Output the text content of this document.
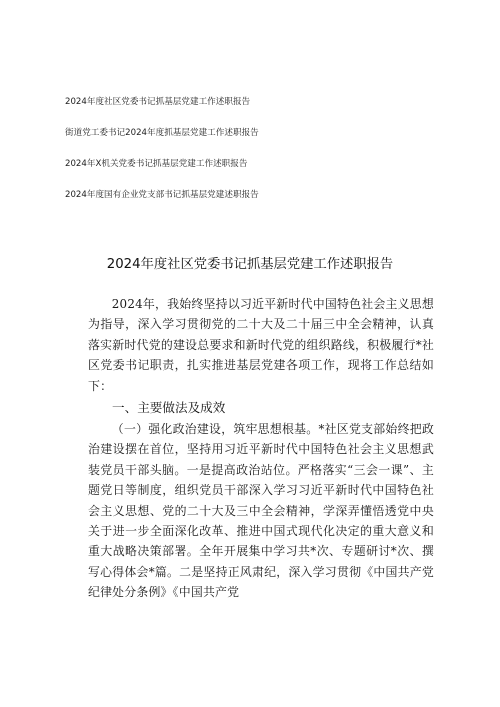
2024年度社区党委书记抓基层党建工作述职报告
街道党工委书记2024年度抓基层党建工作述职报告
2024年X机关党委书记抓基层党建工作述职报告
2024年度国有企业党支部书记抓基层党建述职报告
2024年度社区党委书记抓基层党建工作述职报告

2024年，我始终坚持以习近平新时代中国特色社会主义思想为指导，深入学习贯彻党的二十大及二十届三中全会精神，认真落实新时代党的建设总要求和新时代党的组织路线，积极履行*社区党委书记职责，扎实推进基层党建各项工作，现将工作总结如下：

一、主要做法及成效

（一）强化政治建设，筑牢思想根基。*社区党支部始终把政治建设摆在首位，坚持用习近平新时代中国特色社会主义思想武装党员干部头脑。一是提高政治站位。严格落实“三会一课”、主题党日等制度，组织党员干部深入学习习近平新时代中国特色社会主义思想、党的二十大及三中全会精神，学深弄懂悟透党中央关于进一步全面深化改革、推进中国式现代化决定的重大意义和重大战略决策部署。全年开展集中学习共*次、专题研讨*次、撰写心得体会*篇。二是坚持正风肃纪，深入学习贯彻《中国共产党纪律处分条例》《中国共产党
